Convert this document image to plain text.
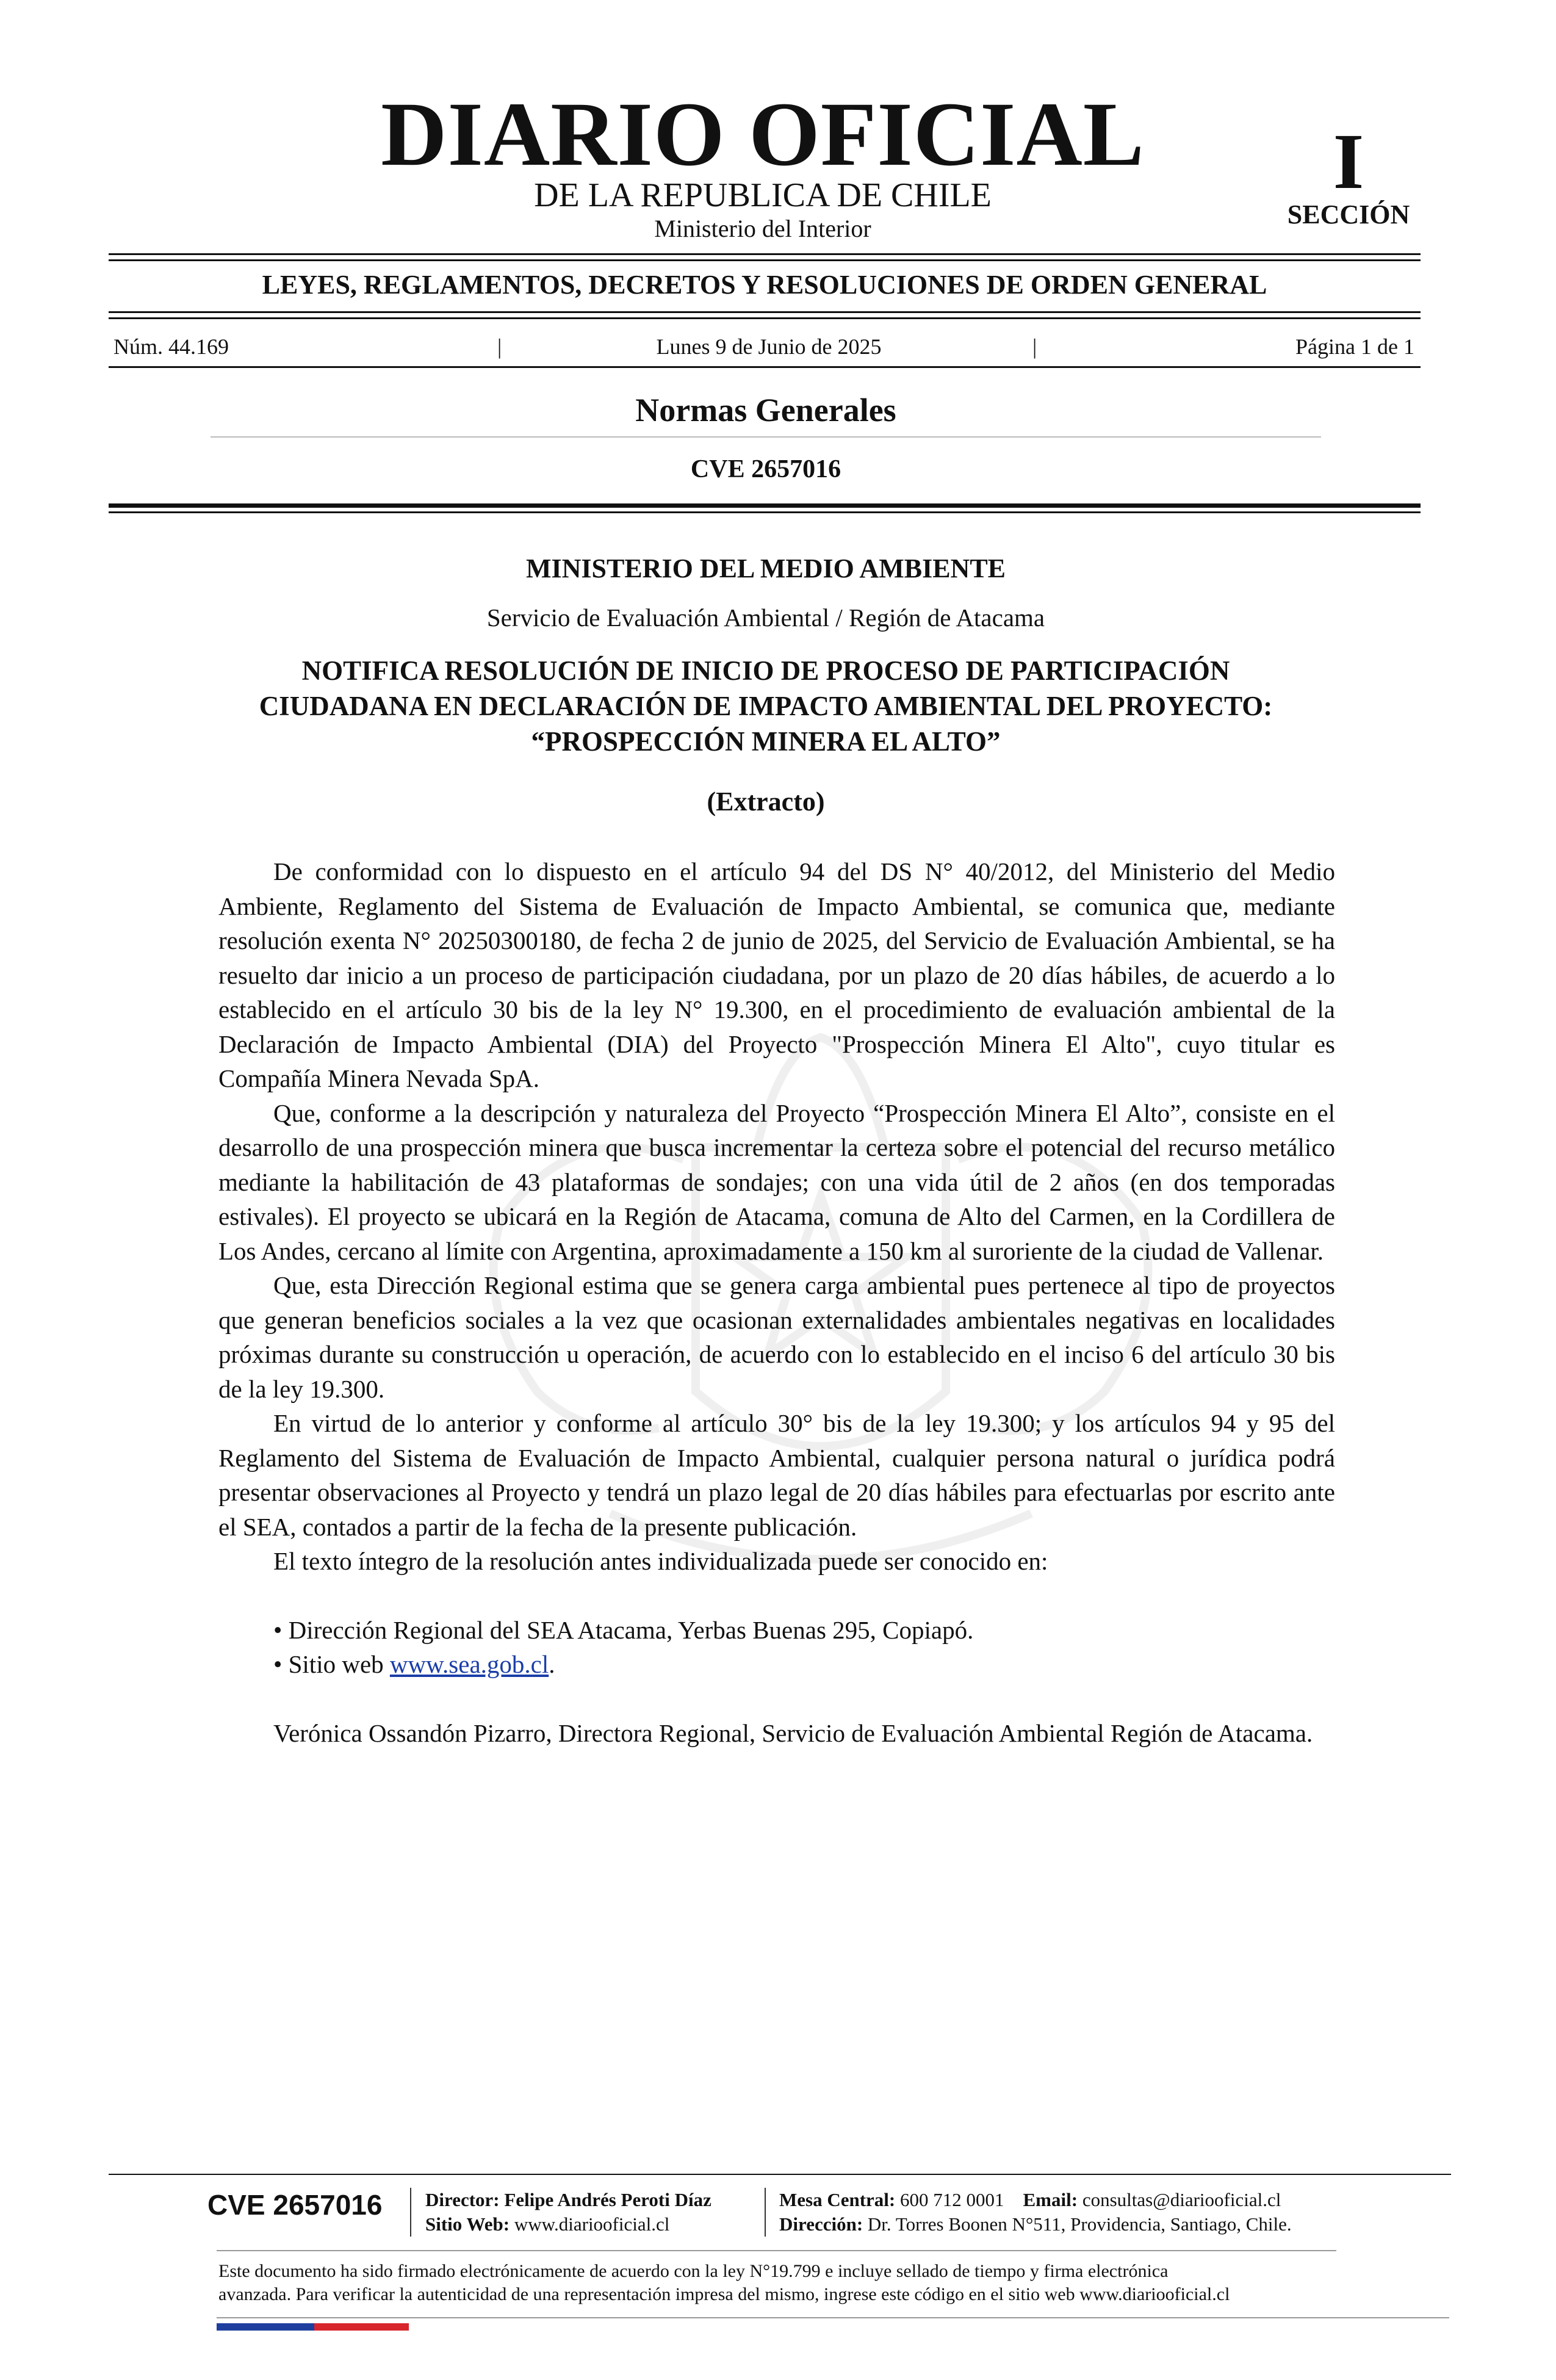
DIARIO OFICIAL
DE LA REPUBLICA DE CHILE
Ministerio del Interior
I
SECCIÓN
LEYES, REGLAMENTOS, DECRETOS Y RESOLUCIONES DE ORDEN GENERAL
Núm. 44.169	|	Lunes 9 de Junio de 2025	|	Página 1 de 1
Normas Generales
CVE 2657016
MINISTERIO DEL MEDIO AMBIENTE
Servicio de Evaluación Ambiental / Región de Atacama
NOTIFICA RESOLUCIÓN DE INICIO DE PROCESO DE PARTICIPACIÓN
CIUDADANA EN DECLARACIÓN DE IMPACTO AMBIENTAL DEL PROYECTO:
“PROSPECCIÓN MINERA EL ALTO”
(Extracto)

De conformidad con lo dispuesto en el artículo 94 del DS N° 40/2012, del Ministerio del Medio Ambiente, Reglamento del Sistema de Evaluación de Impacto Ambiental, se comunica que, mediante resolución exenta N° 20250300180, de fecha 2 de junio de 2025, del Servicio de Evaluación Ambiental, se ha resuelto dar inicio a un proceso de participación ciudadana, por un plazo de 20 días hábiles, de acuerdo a lo establecido en el artículo 30 bis de la ley N° 19.300, en el procedimiento de evaluación ambiental de la Declaración de Impacto Ambiental (DIA) del Proyecto "Prospección Minera El Alto", cuyo titular es Compañía Minera Nevada SpA.

Que, conforme a la descripción y naturaleza del Proyecto “Prospección Minera El Alto”, consiste en el desarrollo de una prospección minera que busca incrementar la certeza sobre el potencial del recurso metálico mediante la habilitación de 43 plataformas de sondajes; con una vida útil de 2 años (en dos temporadas estivales). El proyecto se ubicará en la Región de Atacama, comuna de Alto del Carmen, en la Cordillera de Los Andes, cercano al límite con Argentina, aproximadamente a 150 km al suroriente de la ciudad de Vallenar.

Que, esta Dirección Regional estima que se genera carga ambiental pues pertenece al tipo de proyectos que generan beneficios sociales a la vez que ocasionan externalidades ambientales negativas en localidades próximas durante su construcción u operación, de acuerdo con lo establecido en el inciso 6 del artículo 30 bis de la ley 19.300.

En virtud de lo anterior y conforme al artículo 30° bis de la ley 19.300; y los artículos 94 y 95 del Reglamento del Sistema de Evaluación de Impacto Ambiental, cualquier persona natural o jurídica podrá presentar observaciones al Proyecto y tendrá un plazo legal de 20 días hábiles para efectuarlas por escrito ante el SEA, contados a partir de la fecha de la presente publicación.

El texto íntegro de la resolución antes individualizada puede ser conocido en:

• Dirección Regional del SEA Atacama, Yerbas Buenas 295, Copiapó.

• Sitio web www.sea.gob.cl.

Verónica Ossandón Pizarro, Directora Regional, Servicio de Evaluación Ambiental Región de Atacama.

CVE 2657016 Director: Felipe Andrés Peroti Díaz
Sitio Web: www.diariooficial.cl
Mesa Central: 600 712 0001 Email: consultas@diariooficial.cl
Dirección: Dr. Torres Boonen N°511, Providencia, Santiago, Chile.
Este documento ha sido firmado electrónicamente de acuerdo con la ley N°19.799 e incluye sellado de tiempo y firma electrónica
avanzada. Para verificar la autenticidad de una representación impresa del mismo, ingrese este código en el sitio web www.diariooficial.cl
